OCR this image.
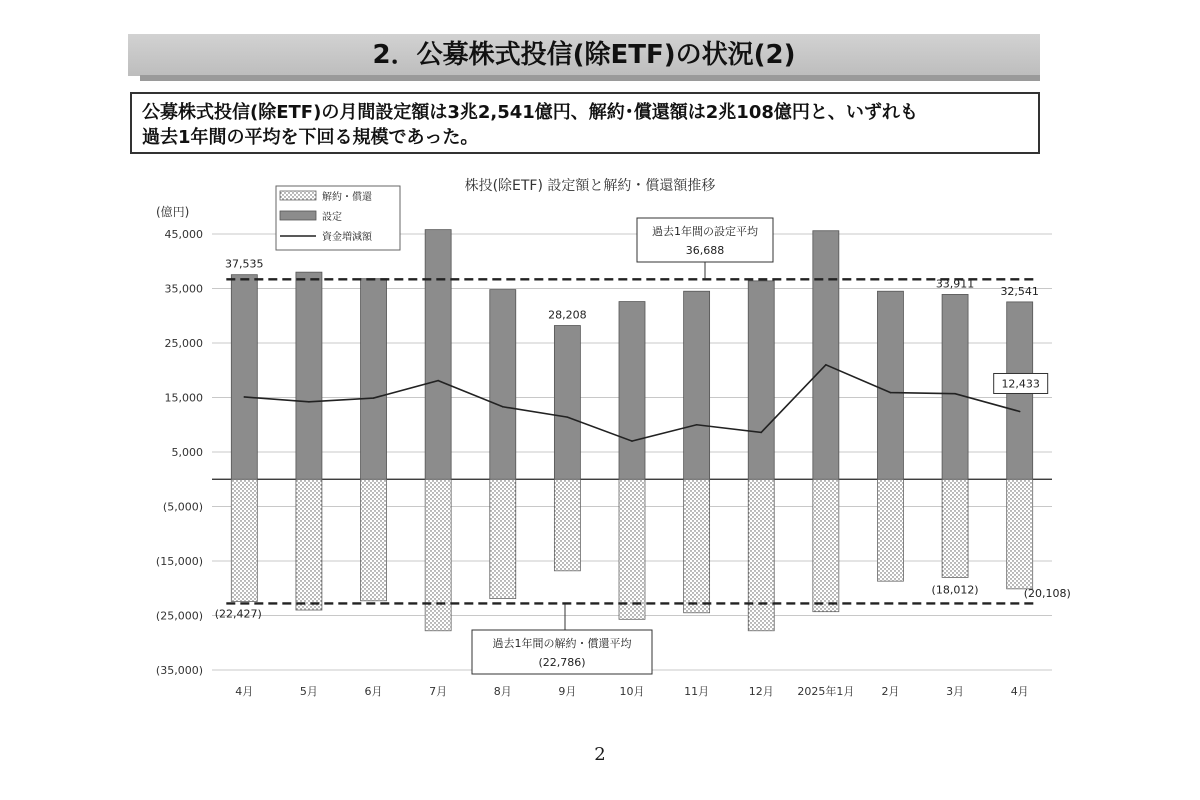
2．公募株式投信(除ETF)の状況(2)
公募株式投信(除ETF)の月間設定額は3兆2,541億円、解約･償還額は2兆108億円と、いずれも
過去1年間の平均を下回る規模であった。
株投(除ETF) 設定額と解約・償還額推移
(億円)
45,000
35,000
25,000
15,000
5,000
(5,000)
(15,000)
(25,000)
(35,000)
4月	5月	6月	7月	8月	9月	10月	11月	12月 2025年1月 2月	3月	4月
37,535
28,208
33,911
32,541
(22,427)
(18,012)	(20,108)
12,433
過去1年間の設定平均
36,688
過去1年間の解約・償還平均
(22,786)
解約・償還
設定
資金増減額
2
